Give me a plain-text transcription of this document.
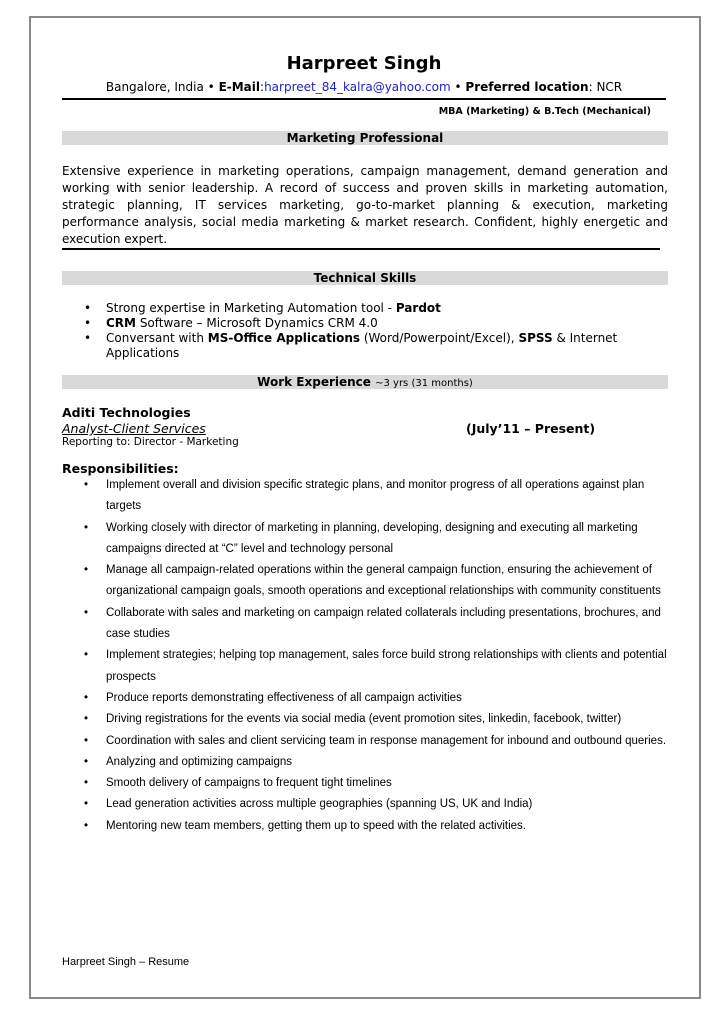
Harpreet Singh
Bangalore, India • E-Mail:harpreet_84_kalra@yahoo.com • Preferred location: NCR
MBA (Marketing) & B.Tech (Mechanical)
Marketing Professional
Extensive experience in marketing operations, campaign management, demand generation and working with senior leadership. A record of success and proven skills in marketing automation, strategic planning, IT services marketing, go-to-market planning & execution, marketing performance analysis, social media marketing & market research. Confident, highly energetic and execution expert.
Technical Skills
• Strong expertise in Marketing Automation tool - Pardot
• CRM Software – Microsoft Dynamics CRM 4.0
• Conversant with MS-Office Applications (Word/Powerpoint/Excel), SPSS & Internet Applications
Work Experience ~3 yrs (31 months)
Aditi Technologies
Analyst-Client Services	(July’11 – Present)
Reporting to: Director - Marketing
Responsibilities:
• Implement overall and division specific strategic plans, and monitor progress of all operations against plan targets
• Working closely with director of marketing in planning, developing, designing and executing all marketing campaigns directed at “C” level and technology personal
• Manage all campaign-related operations within the general campaign function, ensuring the achievement of organizational campaign goals, smooth operations and exceptional relationships with community constituents
• Collaborate with sales and marketing on campaign related collaterals including presentations, brochures, and case studies
• Implement strategies; helping top management, sales force build strong relationships with clients and potential prospects
• Produce reports demonstrating effectiveness of all campaign activities
• Driving registrations for the events via social media (event promotion sites, linkedin, facebook, twitter)
• Coordination with sales and client servicing team in response management for inbound and outbound queries.
• Analyzing and optimizing campaigns
• Smooth delivery of campaigns to frequent tight timelines
• Lead generation activities across multiple geographies (spanning US, UK and India)
• Mentoring new team members, getting them up to speed with the related activities.
Harpreet Singh – Resume
